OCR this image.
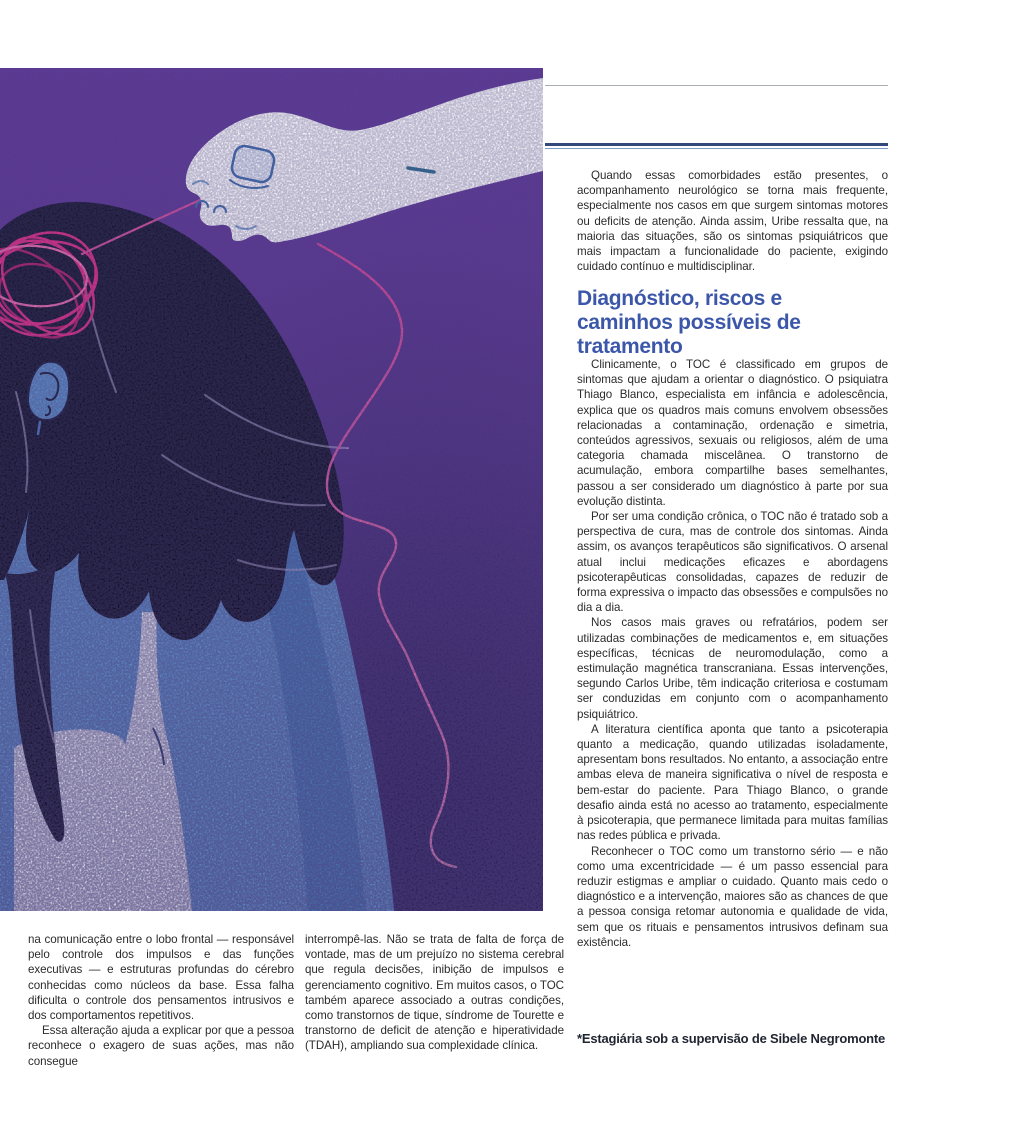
Quando essas comorbidades estão presentes, o acompanhamento neurológico se torna mais frequente, especialmente nos casos em que surgem sintomas motores ou deficits de atenção. Ainda assim, Uribe ressalta que, na maioria das situações, são os sintomas psiquiátricos que mais impactam a funcionalidade do paciente, exigindo cuidado contínuo e multidisciplinar.

Diagnóstico, riscos e
caminhos possíveis de
tratamento

Clinicamente, o TOC é classificado em grupos de sintomas que ajudam a orientar o diagnóstico. O psiquiatra Thiago Blanco, especialista em infância e adolescência, explica que os quadros mais comuns envolvem obsessões relacionadas a contaminação, ordenação e simetria, conteúdos agressivos, sexuais ou religiosos, além de uma categoria chamada miscelânea. O transtorno de acumulação, embora compartilhe bases semelhantes, passou a ser considerado um diagnóstico à parte por sua evolução distinta.

Por ser uma condição crônica, o TOC não é tratado sob a perspectiva de cura, mas de controle dos sintomas. Ainda assim, os avanços terapêuticos são significativos. O arsenal atual inclui medicações eficazes e abordagens psicoterapêuticas consolidadas, capazes de reduzir de forma expressiva o impacto das obsessões e compulsões no dia a dia.

Nos casos mais graves ou refratários, podem ser utilizadas combinações de medicamentos e, em situações específicas, técnicas de neuromodulação, como a estimulação magnética transcraniana. Essas intervenções, segundo Carlos Uribe, têm indicação criteriosa e costumam ser conduzidas em conjunto com o acompanhamento psiquiátrico.

A literatura científica aponta que tanto a psicoterapia quanto a medicação, quando utilizadas isoladamente, apresentam bons resultados. No entanto, a associação entre ambas eleva de maneira significativa o nível de resposta e bem-estar do paciente. Para Thiago Blanco, o grande desafio ainda está no acesso ao tratamento, especialmente à psicoterapia, que permanece limitada para muitas famílias nas redes pública e privada.

Reconhecer o TOC como um transtorno sério — e não como uma excentricidade — é um passo essencial para reduzir estigmas e ampliar o cuidado. Quanto mais cedo o diagnóstico e a intervenção, maiores são as chances de que a pessoa consiga retomar autonomia e qualidade de vida, sem que os rituais e pensamentos intrusivos definam sua existência.

*Estagiária sob a supervisão de Sibele Negromonte

na comunicação entre o lobo frontal — responsável pelo controle dos impulsos e das funções executivas — e estruturas profundas do cérebro conhecidas como núcleos da base. Essa falha dificulta o controle dos pensamentos intrusivos e dos comportamentos repetitivos.

Essa alteração ajuda a explicar por que a pessoa reconhece o exagero de suas ações, mas não consegue

interrompê-las. Não se trata de falta de força de vontade, mas de um prejuízo no sistema cerebral que regula decisões, inibição de impulsos e gerenciamento cognitivo. Em muitos casos, o TOC também aparece associado a outras condições, como transtornos de tique, síndrome de Tourette e transtorno de deficit de atenção e hiperatividade (TDAH), ampliando sua complexidade clínica.
